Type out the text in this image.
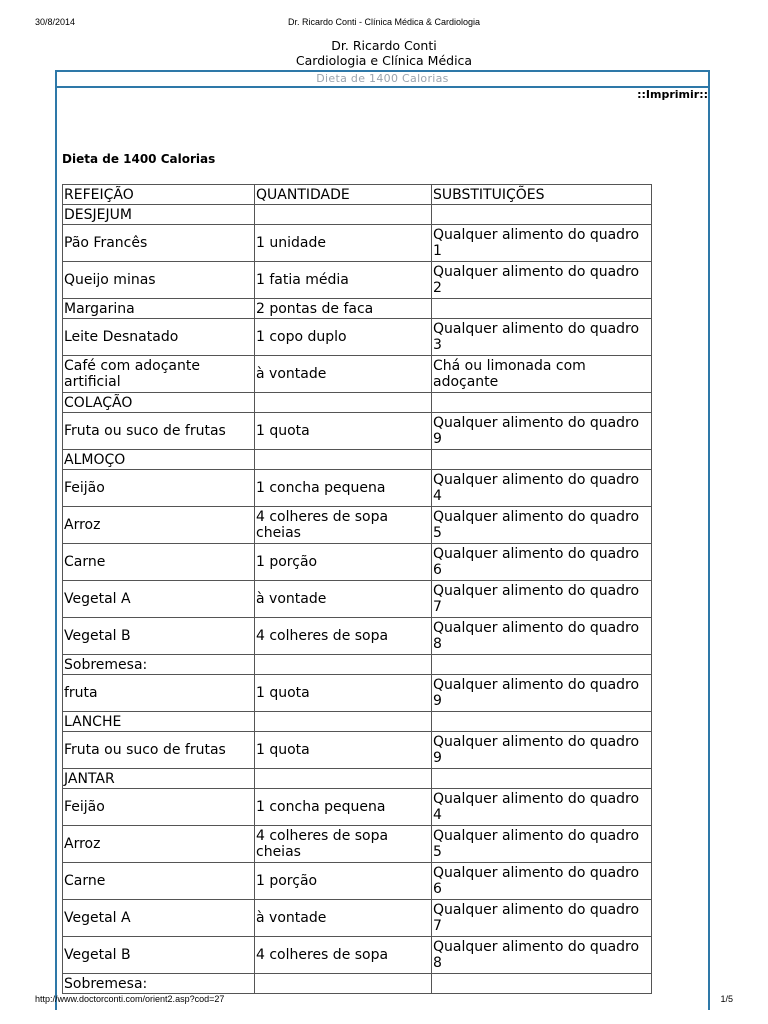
30/8/2014	Dr. Ricardo Conti - Clínica Médica & Cardiologia
Dr. Ricardo Conti
Cardiologia e Clínica Médica
Dieta de 1400 Calorias
::Imprimir::
Dieta de 1400 Calorias
REFEIÇÃO	QUANTIDADE	SUBSTITUIÇÕES
DESJEJUM		
Pão Francês	1 unidade	Qualquer alimento do quadro 1
Queijo minas	1 fatia média	Qualquer alimento do quadro 2
Margarina	2 pontas de faca	
Leite Desnatado	1 copo duplo	Qualquer alimento do quadro 3
Café com adoçante artificial	à vontade	Chá ou limonada com adoçante
COLAÇÃO		
Fruta ou suco de frutas	1 quota	Qualquer alimento do quadro 9
ALMOÇO		
Feijão	1 concha pequena	Qualquer alimento do quadro 4
Arroz	4 colheres de sopa cheias	Qualquer alimento do quadro 5
Carne	1 porção	Qualquer alimento do quadro 6
Vegetal A	à vontade	Qualquer alimento do quadro 7
Vegetal B	4 colheres de sopa	Qualquer alimento do quadro 8
Sobremesa:		
fruta	1 quota	Qualquer alimento do quadro 9
LANCHE		
Fruta ou suco de frutas	1 quota	Qualquer alimento do quadro 9
JANTAR		
Feijão	1 concha pequena	Qualquer alimento do quadro 4
Arroz	4 colheres de sopa cheias	Qualquer alimento do quadro 5
Carne	1 porção	Qualquer alimento do quadro 6
Vegetal A	à vontade	Qualquer alimento do quadro 7
Vegetal B	4 colheres de sopa	Qualquer alimento do quadro 8
Sobremesa:		
http://www.doctorconti.com/orient2.asp?cod=27	1/5
